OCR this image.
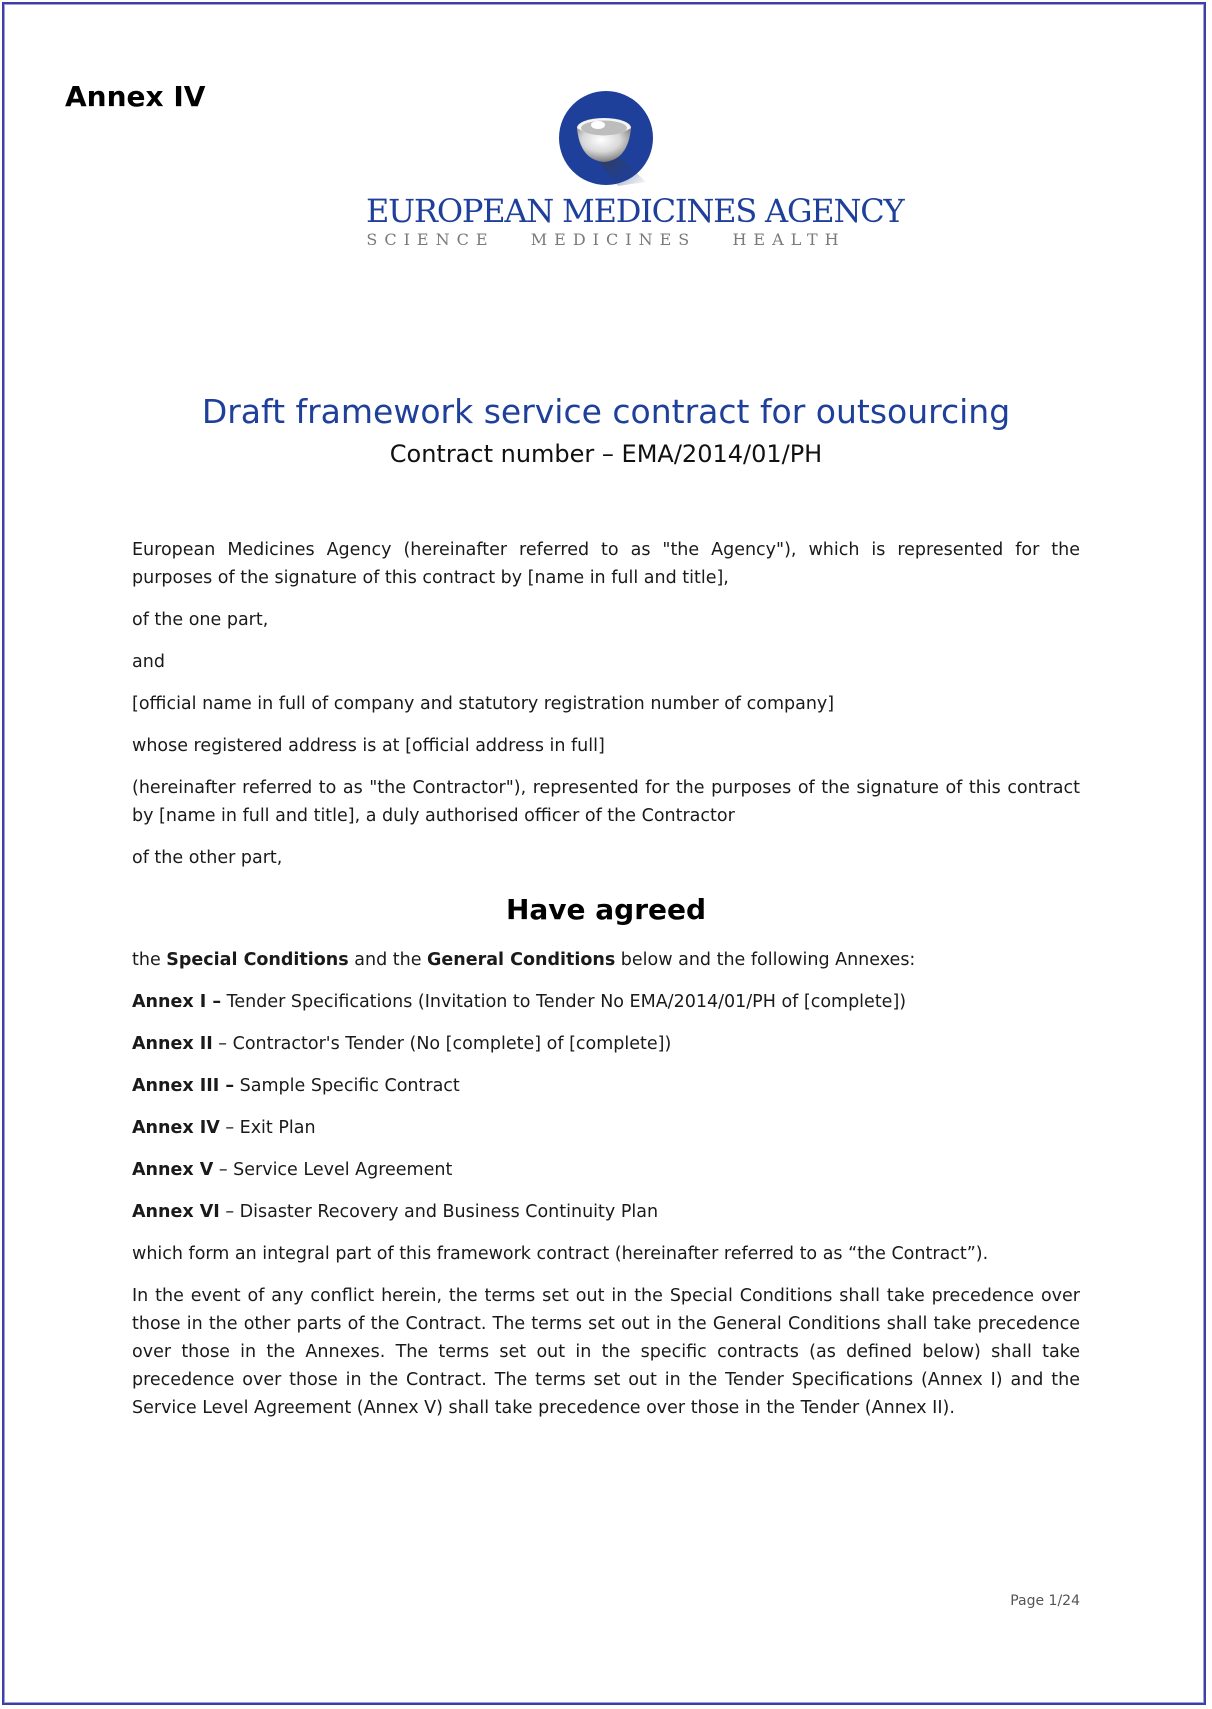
Annex IV
EUROPEAN MEDICINES AGENCY
SCIENCE   MEDICINES   HEALTH
Draft framework service contract for outsourcing
Contract number – EMA/2014/01/PH

European Medicines Agency (hereinafter referred to as "the Agency"), which is represented for the purposes of the signature of this contract by [name in full and title],

of the one part,

and

[official name in full of company and statutory registration number of company]

whose registered address is at [official address in full]

(hereinafter referred to as "the Contractor"), represented for the purposes of the signature of this contract by [name in full and title], a duly authorised officer of the Contractor

of the other part,

Have agreed

the Special Conditions and the General Conditions below and the following Annexes:

Annex I – Tender Specifications (Invitation to Tender No EMA/2014/01/PH of [complete])

Annex II – Contractor's Tender (No [complete] of [complete])

Annex III – Sample Specific Contract

Annex IV – Exit Plan

Annex V – Service Level Agreement

Annex VI – Disaster Recovery and Business Continuity Plan

which form an integral part of this framework contract (hereinafter referred to as “the Contract”).

In the event of any conflict herein, the terms set out in the Special Conditions shall take precedence over those in the other parts of the Contract. The terms set out in the General Conditions shall take precedence over those in the Annexes. The terms set out in the specific contracts (as defined below) shall take precedence over those in the Contract. The terms set out in the Tender Specifications (Annex I) and the Service Level Agreement (Annex V) shall take precedence over those in the Tender (Annex II).

Page 1/24
